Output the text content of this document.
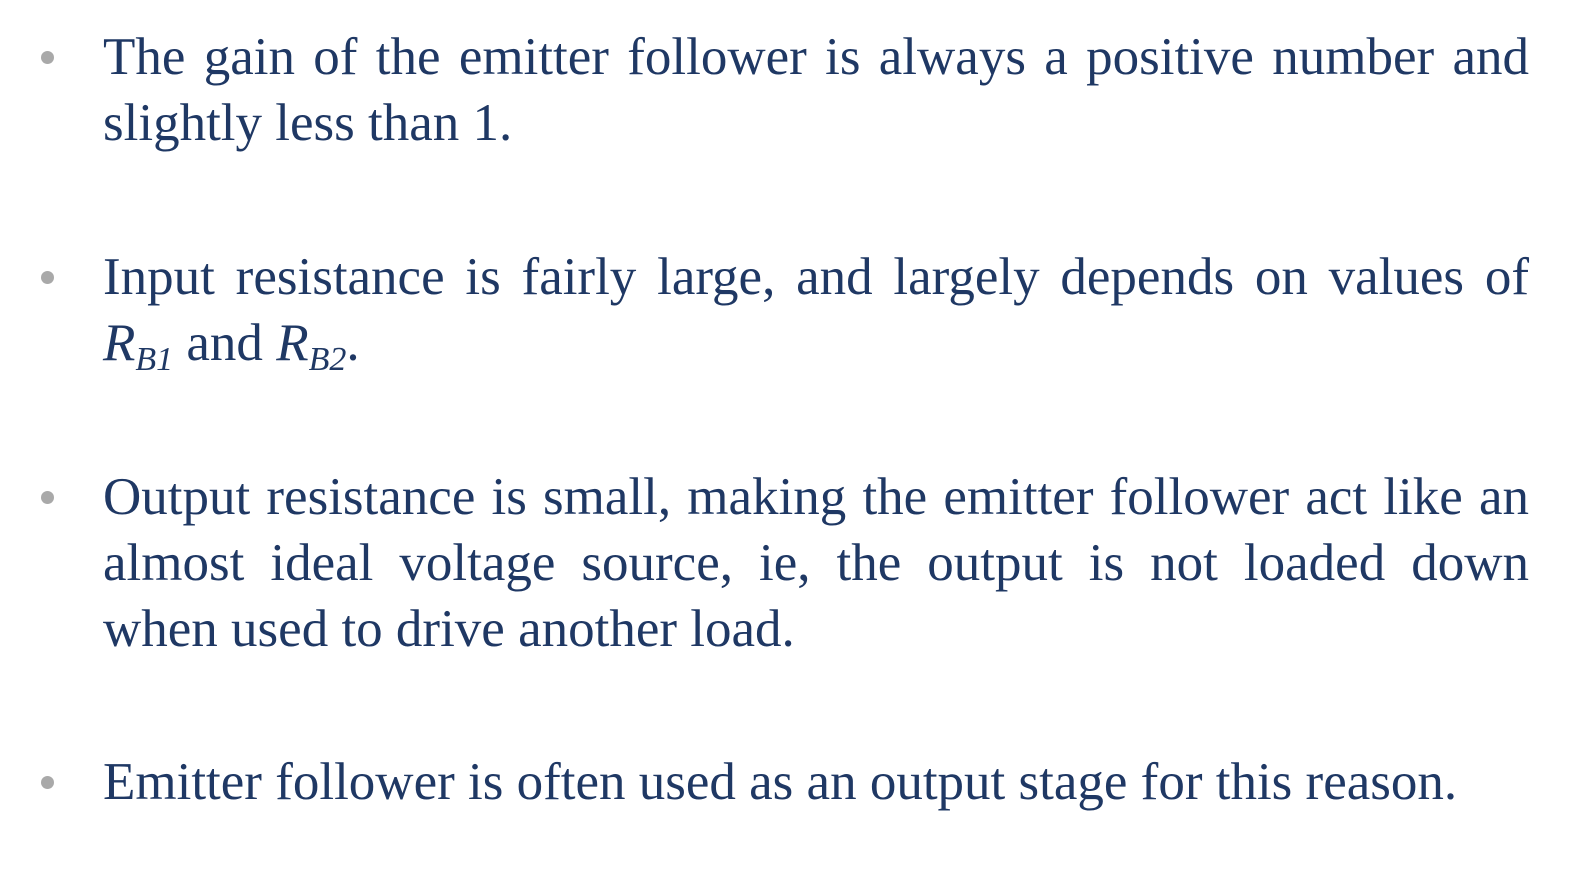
The gain of the emitter follower is always a positive number and slightly less than 1.

Input resistance is fairly large, and largely depends on values of $R_{B1}$ and $R_{B2}$.

Output resistance is small, making the emitter follower act like an almost ideal voltage source, ie, the output is not loaded down when used to drive another load.

Emitter follower is often used as an output stage for this reason.
